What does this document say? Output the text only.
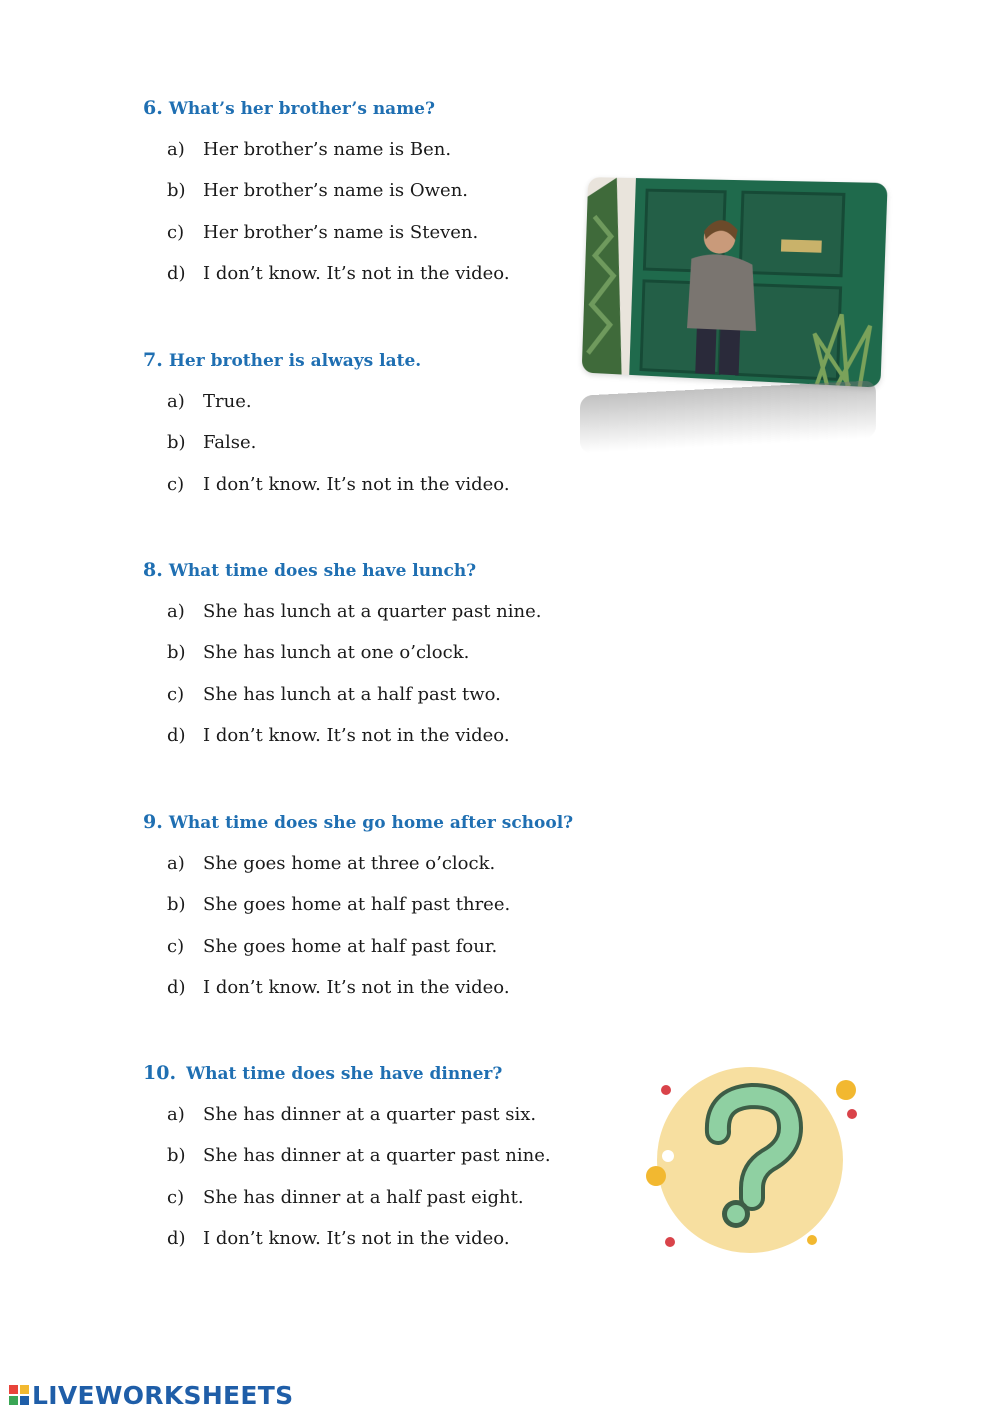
6. What’s her brother’s name?
a) Her brother’s name is Ben.
b) Her brother’s name is Owen.
c) Her brother’s name is Steven.
d) I don’t know. It’s not in the video.
7. Her brother is always late.
a) True.
b) False.
c) I don’t know. It’s not in the video.
8. What time does she have lunch?
a) She has lunch at a quarter past nine.
b) She has lunch at one o’clock.
c) She has lunch at a half past two.
d) I don’t know. It’s not in the video.
9. What time does she go home after school?
a) She goes home at three o’clock.
b) She goes home at half past three.
c) She goes home at half past four.
d) I don’t know. It’s not in the video.
10. What time does she have dinner?
a) She has dinner at a quarter past six.
b) She has dinner at a quarter past nine.
c) She has dinner at a half past eight.
d) I don’t know. It’s not in the video.
LIVEWORKSHEETS
